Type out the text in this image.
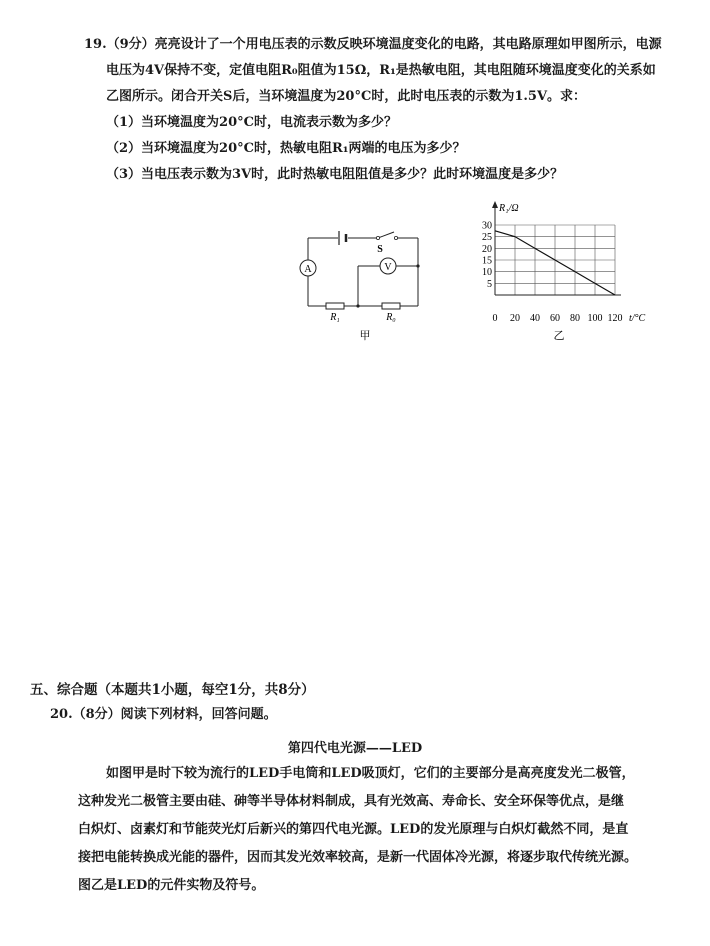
19.（9分）亮亮设计了一个用电压表的示数反映环境温度变化的电路，其电路原理如甲图所示，电源
电压为4V保持不变，定值电阻R₀阻值为15Ω，R₁是热敏电阻，其电阻随环境温度变化的关系如
乙图所示。闭合开关S后，当环境温度为20°C时，此时电压表的示数为1.5V。求：
（1）当环境温度为20°C时，电流表示数为多少？
（2）当环境温度为20°C时，热敏电阻R₁两端的电压为多少？
（3）当电压表示数为3V时，此时热敏电阻阻值是多少？此时环境温度是多少？
A	V
S
R₁	R₀
甲
5
10
15
20
25
30
0 20 40 60 80 100 120
R₁/Ω
t/°C
乙
五、综合题（本题共1小题，每空1分，共8分）
20.（8分）阅读下列材料，回答问题。
第四代电光源——LED
如图甲是时下较为流行的LED手电筒和LED吸顶灯，它们的主要部分是高亮度发光二极管，
这种发光二极管主要由硅、砷等半导体材料制成，具有光效高、寿命长、安全环保等优点，是继
白炽灯、卤素灯和节能荧光灯后新兴的第四代电光源。LED的发光原理与白炽灯截然不同，是直
接把电能转换成光能的器件，因而其发光效率较高，是新一代固体冷光源，将逐步取代传统光源。
图乙是LED的元件实物及符号。
